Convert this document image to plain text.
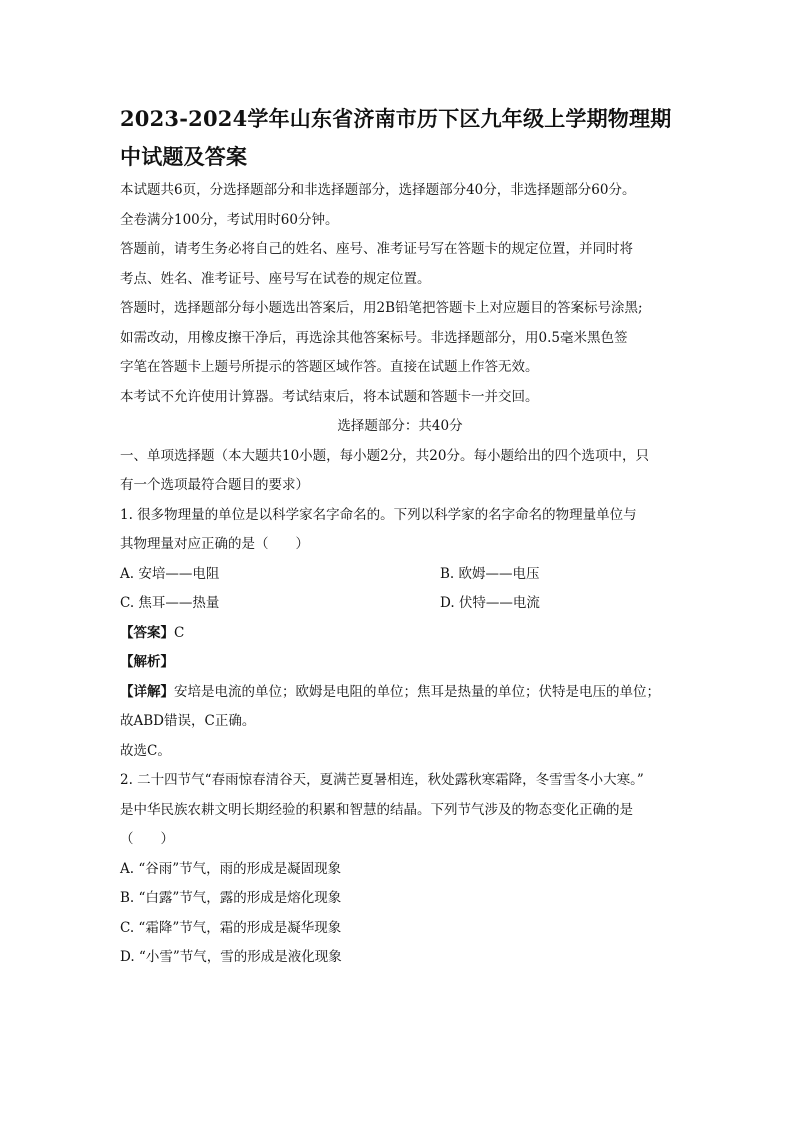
2023-2024学年山东省济南市历下区九年级上学期物理期
中试题及答案
本试题共6页，分选择题部分和非选择题部分，选择题部分40分，非选择题部分60分。
全卷满分100分，考试用时60分钟。
答题前，请考生务必将自己的姓名、座号、准考证号写在答题卡的规定位置，并同时将
考点、姓名、准考证号、座号写在试卷的规定位置。
答题时，选择题部分每小题选出答案后，用2B铅笔把答题卡上对应题目的答案标号涂黑;
如需改动，用橡皮擦干净后，再选涂其他答案标号。非选择题部分，用0.5毫米黑色签
字笔在答题卡上题号所提示的答题区域作答。直接在试题上作答无效。
本考试不允许使用计算器。考试结束后，将本试题和答题卡一并交回。
选择题部分：共40分
一、单项选择题（本大题共10小题，每小题2分，共20分。每小题给出的四个选项中，只
有一个选项最符合题目的要求）
1. 很多物理量的单位是以科学家名字命名的。下列以科学家的名字命名的物理量单位与
其物理量对应正确的是（　　）
A. 安培——电阻	B. 欧姆——电压
C. 焦耳——热量	D. 伏特——电流
【答案】C
【解析】
【详解】安培是电流的单位；欧姆是电阻的单位；焦耳是热量的单位；伏特是电压的单位；
故ABD错误，C正确。
故选C。
2. 二十四节气“春雨惊春清谷天，夏满芒夏暑相连，秋处露秋寒霜降，冬雪雪冬小大寒。”
是中华民族农耕文明长期经验的积累和智慧的结晶。下列节气涉及的物态变化正确的是
（　　）
A. “谷雨”节气，雨的形成是凝固现象
B. “白露”节气，露的形成是熔化现象
C. “霜降”节气，霜的形成是凝华现象
D. “小雪”节气，雪的形成是液化现象
